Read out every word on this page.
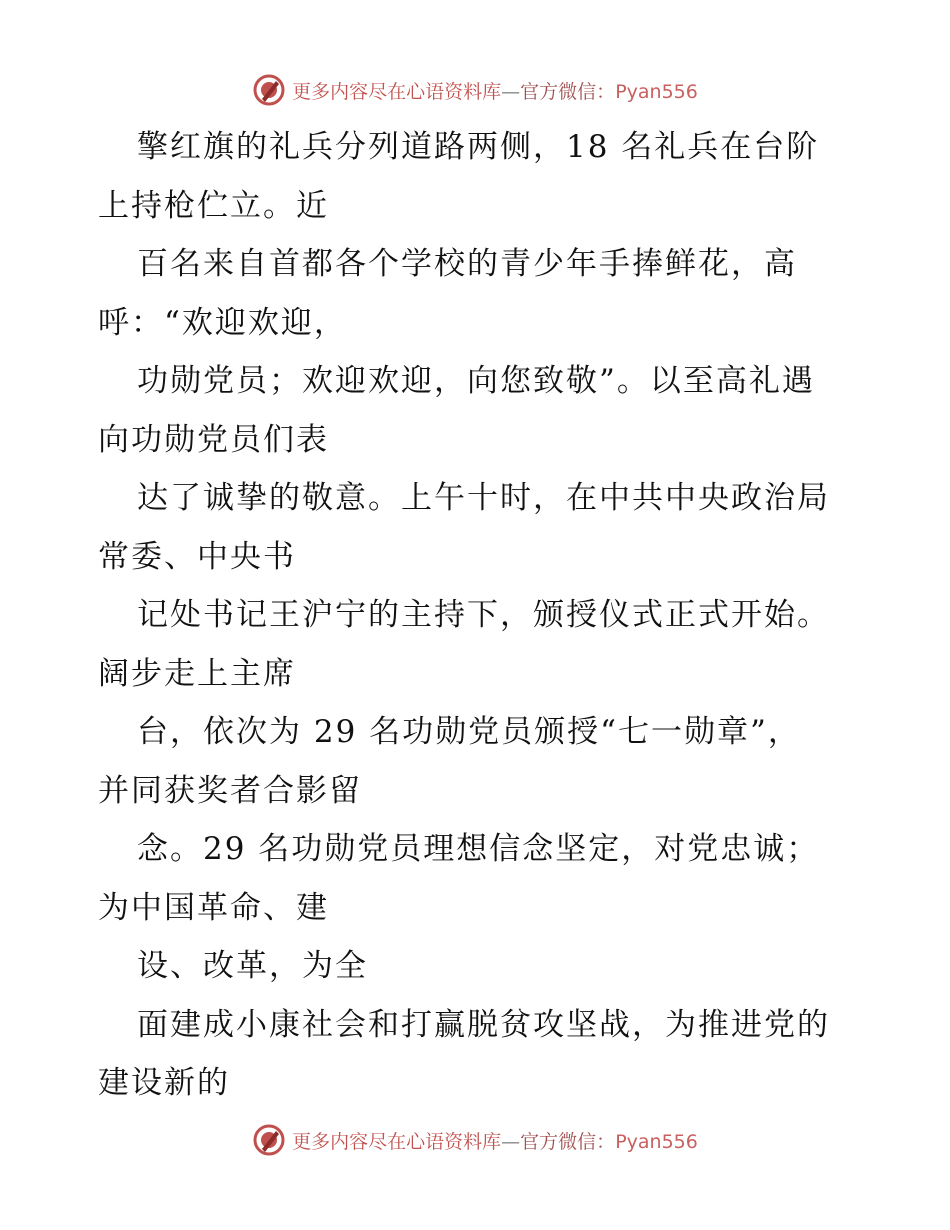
更多内容尽在心语资料库—官方微信：Pyan556
擎红旗的礼兵分列道路两侧，18 名礼兵在台阶
上持枪伫立。近
百名来自首都各个学校的青少年手捧鲜花，高
呼：“欢迎欢迎，
功勋党员；欢迎欢迎，向您致敬”。以至高礼遇
向功勋党员们表
达了诚挚的敬意。上午十时，在中共中央政治局
常委、中央书
记处书记王沪宁的主持下，颁授仪式正式开始。
阔步走上主席
台，依次为 29 名功勋党员颁授“七一勋章”，
并同获奖者合影留
念。29 名功勋党员理想信念坚定，对党忠诚；
为中国革命、建
设、改革，为全
面建成小康社会和打赢脱贫攻坚战，为推进党的
建设新的
更多内容尽在心语资料库—官方微信：Pyan556
